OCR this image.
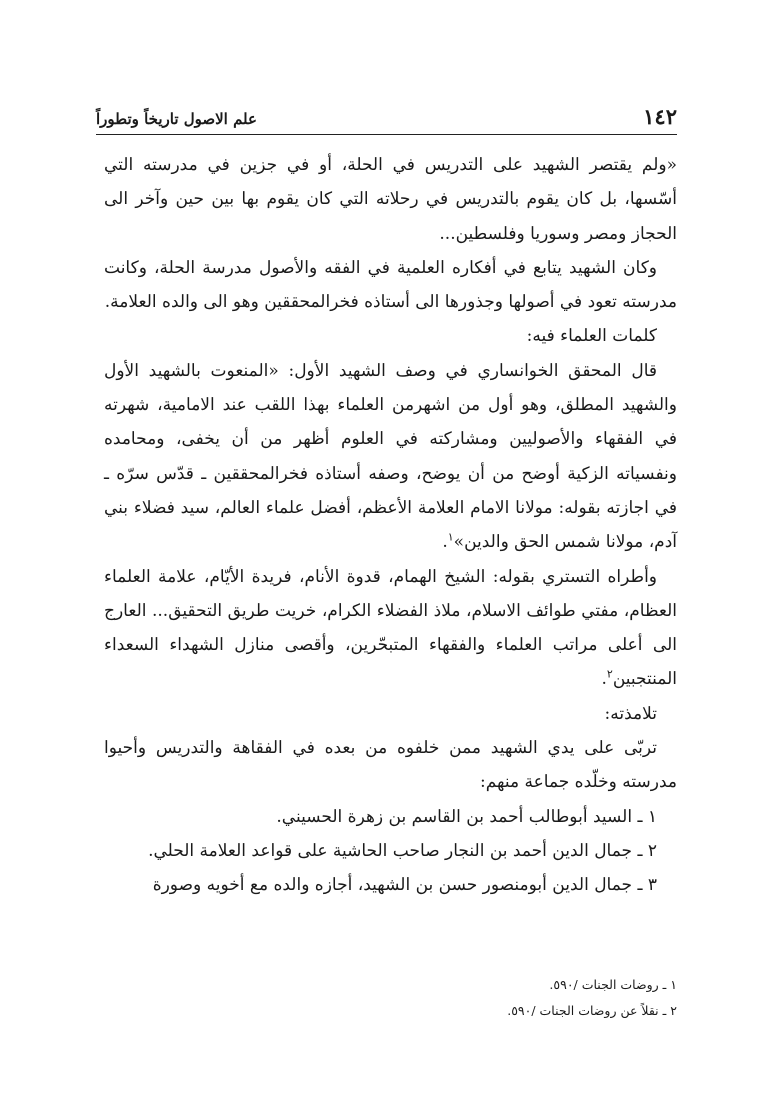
١٤٢
علم الاصول تاريخاً وتطوراً

«ولم يقتصر الشهيد على التدريس في الحلة، أو في جزين في مدرسته التي أسّسها، بل كان يقوم بالتدريس في رحلاته التي كان يقوم بها بين حين وآخر الى الحجاز ومصر وسوريا وفلسطين...

وكان الشهيد يتابع في أفكاره العلمية في الفقه والأصول مدرسة الحلة، وكانت مدرسته تعود في أصولها وجذورها الى أستاذه فخرالمحققين وهو الى والده العلامة.

كلمات العلماء فيه:

قال المحقق الخوانساري في وصف الشهيد الأول: «المنعوت بالشهيد الأول والشهيد المطلق، وهو أول من اشهرمن العلماء بهذا اللقب عند الامامية، شهرته في الفقهاء والأصوليين ومشاركته في العلوم أظهر من أن يخفى، ومحامده ونفسياته الزكية أوضح من أن يوضح، وصفه أستاذه فخرالمحققين ـ قدّس سرّه ـ في اجازته بقوله: مولانا الامام العلامة الأعظم، أفضل علماء العالم، سيد فضلاء بني آدم، مولانا شمس الحق والدين»$^١$.

وأطراه التستري بقوله: الشيخ الهمام، قدوة الأنام، فريدة الأيّام، علامة العلماء العظام، مفتي طوائف الاسلام، ملاذ الفضلاء الكرام، خريت طريق التحقيق... العارج الى أعلى مراتب العلماء والفقهاء المتبحّرين، وأقصى منازل الشهداء السعداء المنتجبين$^٢$.

تلامذته:

تربّى على يدي الشهيد ممن خلفوه من بعده في الفقاهة والتدريس وأحيوا مدرسته وخلّده جماعة منهم:

١ ـ السيد أبوطالب أحمد بن القاسم بن زهرة الحسيني.

٢ ـ جمال الدين أحمد بن النجار صاحب الحاشية على قواعد العلامة الحلي.

٣ ـ جمال الدين أبومنصور حسن بن الشهيد، أجازه والده مع أخويه وصورة

١ ـ روضات الجنات /٥٩٠.

٢ ـ نقلاً عن روضات الجنات /٥٩٠.
